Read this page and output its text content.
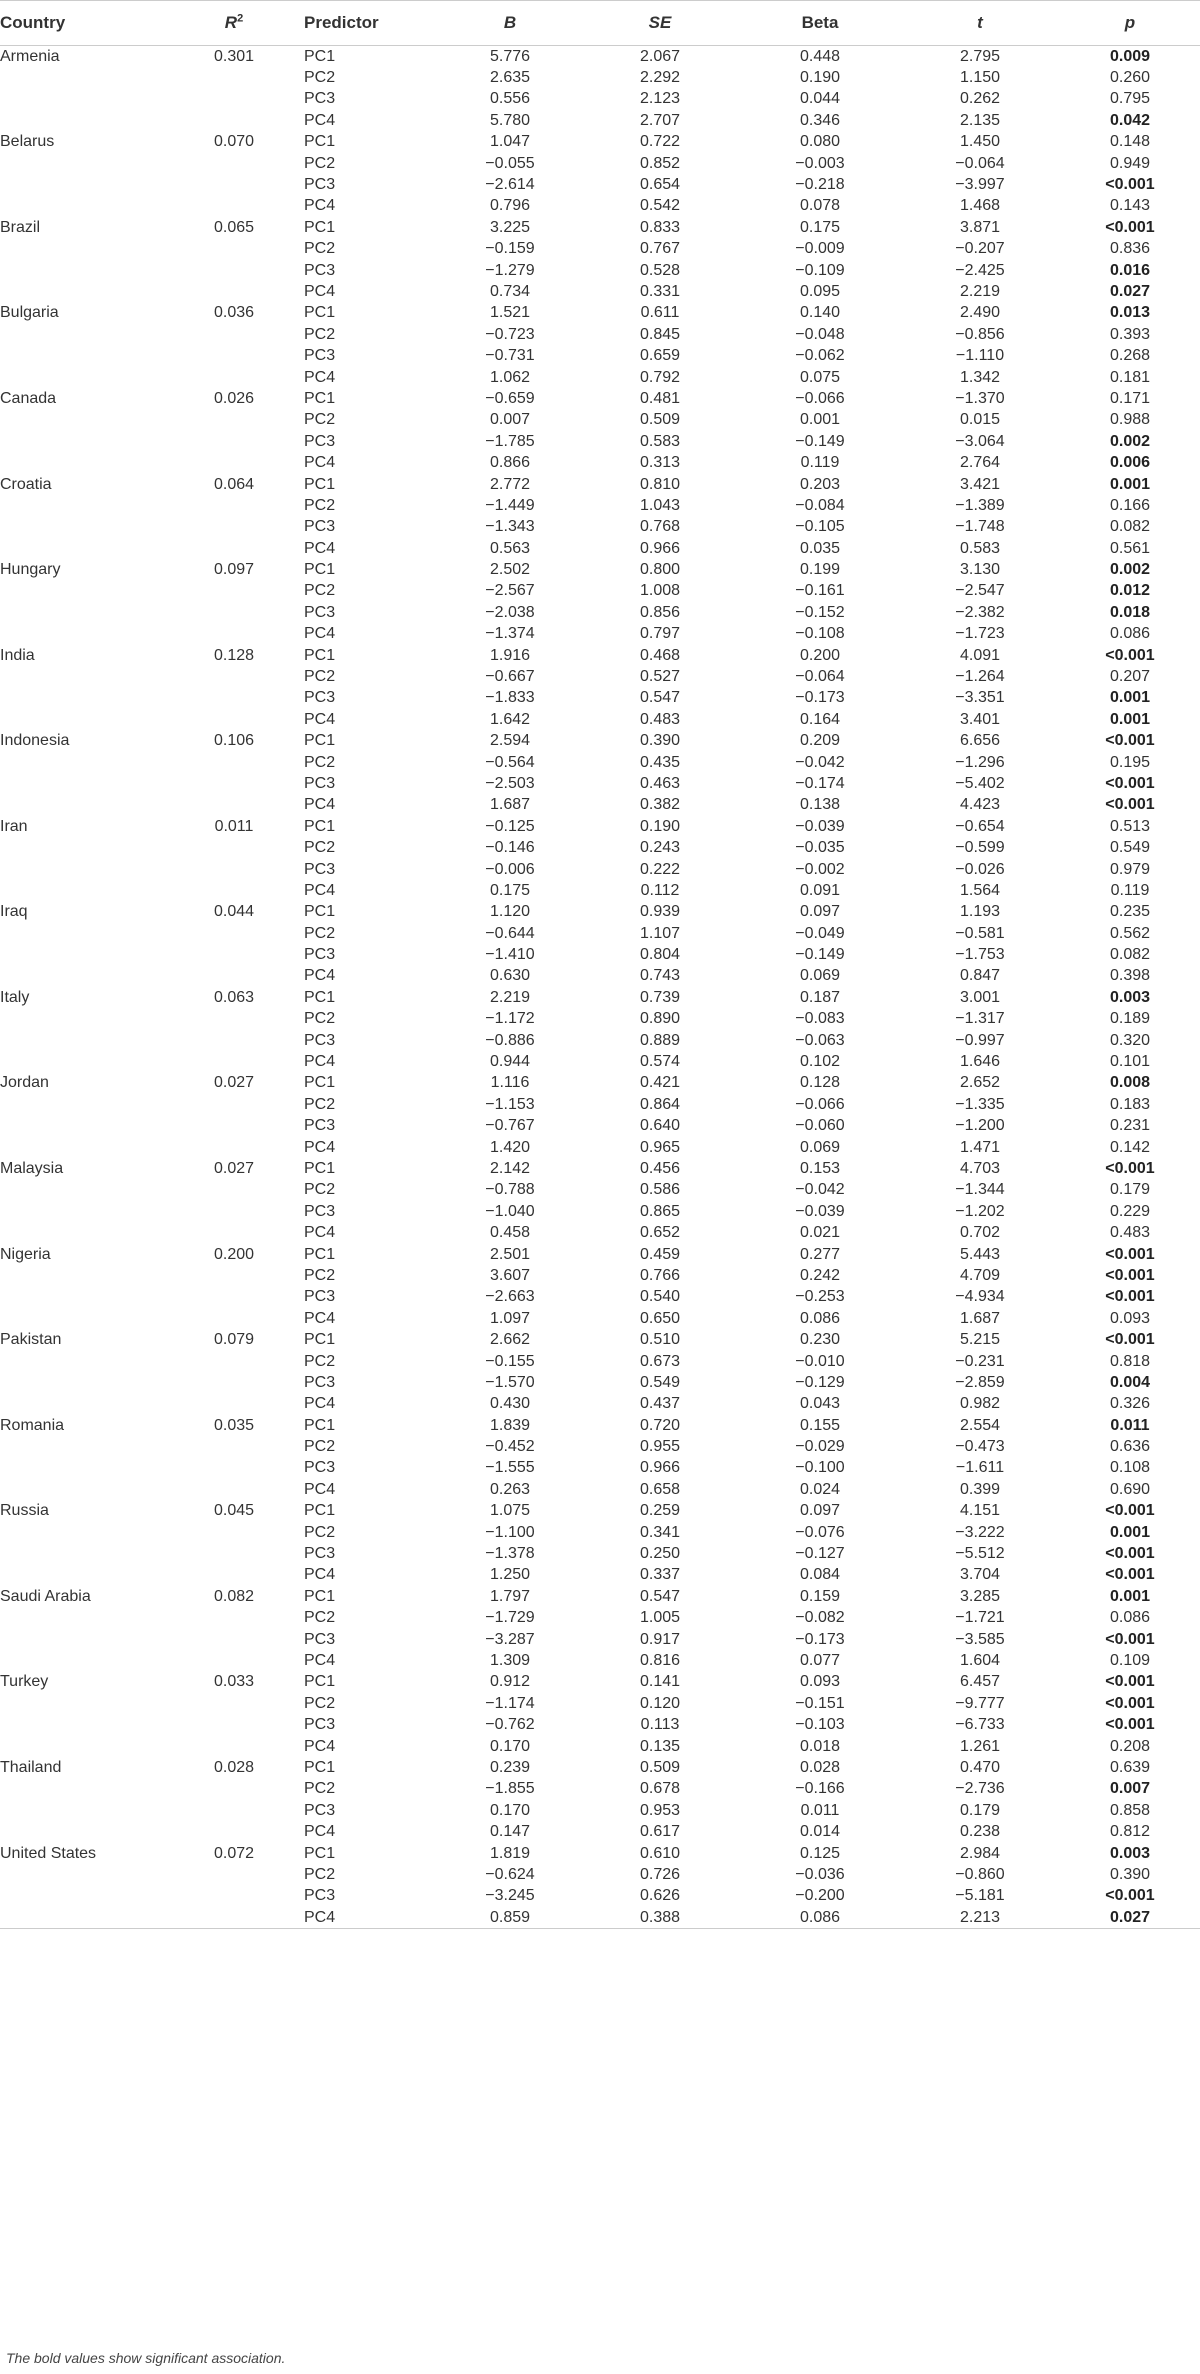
Country	$R^2$	Predictor	B	SE	Beta	t	p
Armenia	0.301	PC1	5.776	2.067	0.448	2.795	0.009
		PC2	2.635	2.292	0.190	1.150	0.260
		PC3	0.556	2.123	0.044	0.262	0.795
		PC4	5.780	2.707	0.346	2.135	0.042
Belarus	0.070	PC1	1.047	0.722	0.080	1.450	0.148
		PC2	−0.055	0.852	−0.003	−0.064	0.949
		PC3	−2.614	0.654	−0.218	−3.997	<0.001
		PC4	0.796	0.542	0.078	1.468	0.143
Brazil	0.065	PC1	3.225	0.833	0.175	3.871	<0.001
		PC2	−0.159	0.767	−0.009	−0.207	0.836
		PC3	−1.279	0.528	−0.109	−2.425	0.016
		PC4	0.734	0.331	0.095	2.219	0.027
Bulgaria	0.036	PC1	1.521	0.611	0.140	2.490	0.013
		PC2	−0.723	0.845	−0.048	−0.856	0.393
		PC3	−0.731	0.659	−0.062	−1.110	0.268
		PC4	1.062	0.792	0.075	1.342	0.181
Canada	0.026	PC1	−0.659	0.481	−0.066	−1.370	0.171
		PC2	0.007	0.509	0.001	0.015	0.988
		PC3	−1.785	0.583	−0.149	−3.064	0.002
		PC4	0.866	0.313	0.119	2.764	0.006
Croatia	0.064	PC1	2.772	0.810	0.203	3.421	0.001
		PC2	−1.449	1.043	−0.084	−1.389	0.166
		PC3	−1.343	0.768	−0.105	−1.748	0.082
		PC4	0.563	0.966	0.035	0.583	0.561
Hungary	0.097	PC1	2.502	0.800	0.199	3.130	0.002
		PC2	−2.567	1.008	−0.161	−2.547	0.012
		PC3	−2.038	0.856	−0.152	−2.382	0.018
		PC4	−1.374	0.797	−0.108	−1.723	0.086
India	0.128	PC1	1.916	0.468	0.200	4.091	<0.001
		PC2	−0.667	0.527	−0.064	−1.264	0.207
		PC3	−1.833	0.547	−0.173	−3.351	0.001
		PC4	1.642	0.483	0.164	3.401	0.001
Indonesia	0.106	PC1	2.594	0.390	0.209	6.656	<0.001
		PC2	−0.564	0.435	−0.042	−1.296	0.195
		PC3	−2.503	0.463	−0.174	−5.402	<0.001
		PC4	1.687	0.382	0.138	4.423	<0.001
Iran	0.011	PC1	−0.125	0.190	−0.039	−0.654	0.513
		PC2	−0.146	0.243	−0.035	−0.599	0.549
		PC3	−0.006	0.222	−0.002	−0.026	0.979
		PC4	0.175	0.112	0.091	1.564	0.119
Iraq	0.044	PC1	1.120	0.939	0.097	1.193	0.235
		PC2	−0.644	1.107	−0.049	−0.581	0.562
		PC3	−1.410	0.804	−0.149	−1.753	0.082
		PC4	0.630	0.743	0.069	0.847	0.398
Italy	0.063	PC1	2.219	0.739	0.187	3.001	0.003
		PC2	−1.172	0.890	−0.083	−1.317	0.189
		PC3	−0.886	0.889	−0.063	−0.997	0.320
		PC4	0.944	0.574	0.102	1.646	0.101
Jordan	0.027	PC1	1.116	0.421	0.128	2.652	0.008
		PC2	−1.153	0.864	−0.066	−1.335	0.183
		PC3	−0.767	0.640	−0.060	−1.200	0.231
		PC4	1.420	0.965	0.069	1.471	0.142
Malaysia	0.027	PC1	2.142	0.456	0.153	4.703	<0.001
		PC2	−0.788	0.586	−0.042	−1.344	0.179
		PC3	−1.040	0.865	−0.039	−1.202	0.229
		PC4	0.458	0.652	0.021	0.702	0.483
Nigeria	0.200	PC1	2.501	0.459	0.277	5.443	<0.001
		PC2	3.607	0.766	0.242	4.709	<0.001
		PC3	−2.663	0.540	−0.253	−4.934	<0.001
		PC4	1.097	0.650	0.086	1.687	0.093
Pakistan	0.079	PC1	2.662	0.510	0.230	5.215	<0.001
		PC2	−0.155	0.673	−0.010	−0.231	0.818
		PC3	−1.570	0.549	−0.129	−2.859	0.004
		PC4	0.430	0.437	0.043	0.982	0.326
Romania	0.035	PC1	1.839	0.720	0.155	2.554	0.011
		PC2	−0.452	0.955	−0.029	−0.473	0.636
		PC3	−1.555	0.966	−0.100	−1.611	0.108
		PC4	0.263	0.658	0.024	0.399	0.690
Russia	0.045	PC1	1.075	0.259	0.097	4.151	<0.001
		PC2	−1.100	0.341	−0.076	−3.222	0.001
		PC3	−1.378	0.250	−0.127	−5.512	<0.001
		PC4	1.250	0.337	0.084	3.704	<0.001
Saudi Arabia	0.082	PC1	1.797	0.547	0.159	3.285	0.001
		PC2	−1.729	1.005	−0.082	−1.721	0.086
		PC3	−3.287	0.917	−0.173	−3.585	<0.001
		PC4	1.309	0.816	0.077	1.604	0.109
Turkey	0.033	PC1	0.912	0.141	0.093	6.457	<0.001
		PC2	−1.174	0.120	−0.151	−9.777	<0.001
		PC3	−0.762	0.113	−0.103	−6.733	<0.001
		PC4	0.170	0.135	0.018	1.261	0.208
Thailand	0.028	PC1	0.239	0.509	0.028	0.470	0.639
		PC2	−1.855	0.678	−0.166	−2.736	0.007
		PC3	0.170	0.953	0.011	0.179	0.858
		PC4	0.147	0.617	0.014	0.238	0.812
United States	0.072	PC1	1.819	0.610	0.125	2.984	0.003
		PC2	−0.624	0.726	−0.036	−0.860	0.390
		PC3	−3.245	0.626	−0.200	−5.181	<0.001
		PC4	0.859	0.388	0.086	2.213	0.027
The bold values show significant association.
